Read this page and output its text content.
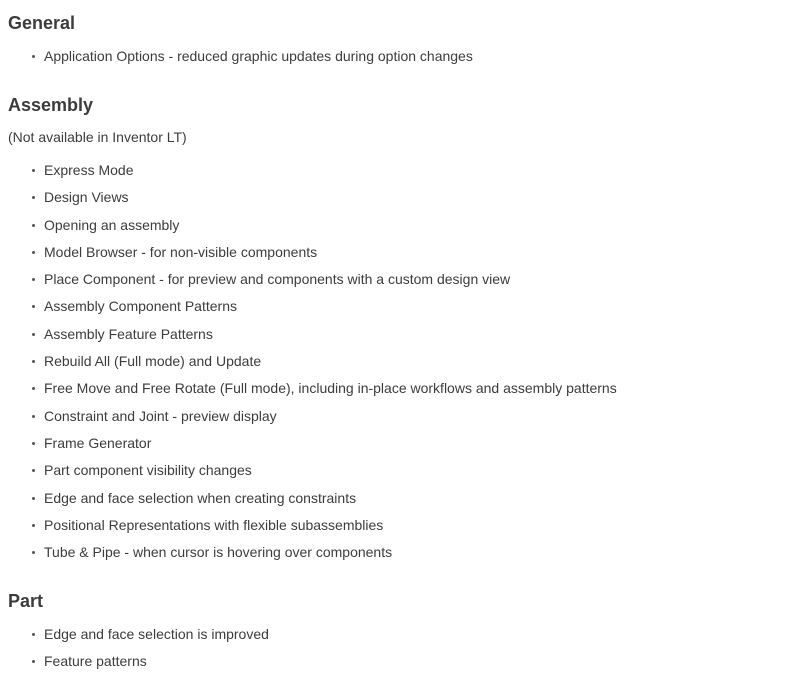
General
Application Options - reduced graphic updates during option changes
Assembly

(Not available in Inventor LT)

Express Mode
Design Views
Opening an assembly
Model Browser - for non-visible components
Place Component - for preview and components with a custom design view
Assembly Component Patterns
Assembly Feature Patterns
Rebuild All (Full mode) and Update
Free Move and Free Rotate (Full mode), including in-place workflows and assembly patterns
Constraint and Joint - preview display
Frame Generator
Part component visibility changes
Edge and face selection when creating constraints
Positional Representations with flexible subassemblies
Tube & Pipe - when cursor is hovering over components
Part
Edge and face selection is improved
Feature patterns
